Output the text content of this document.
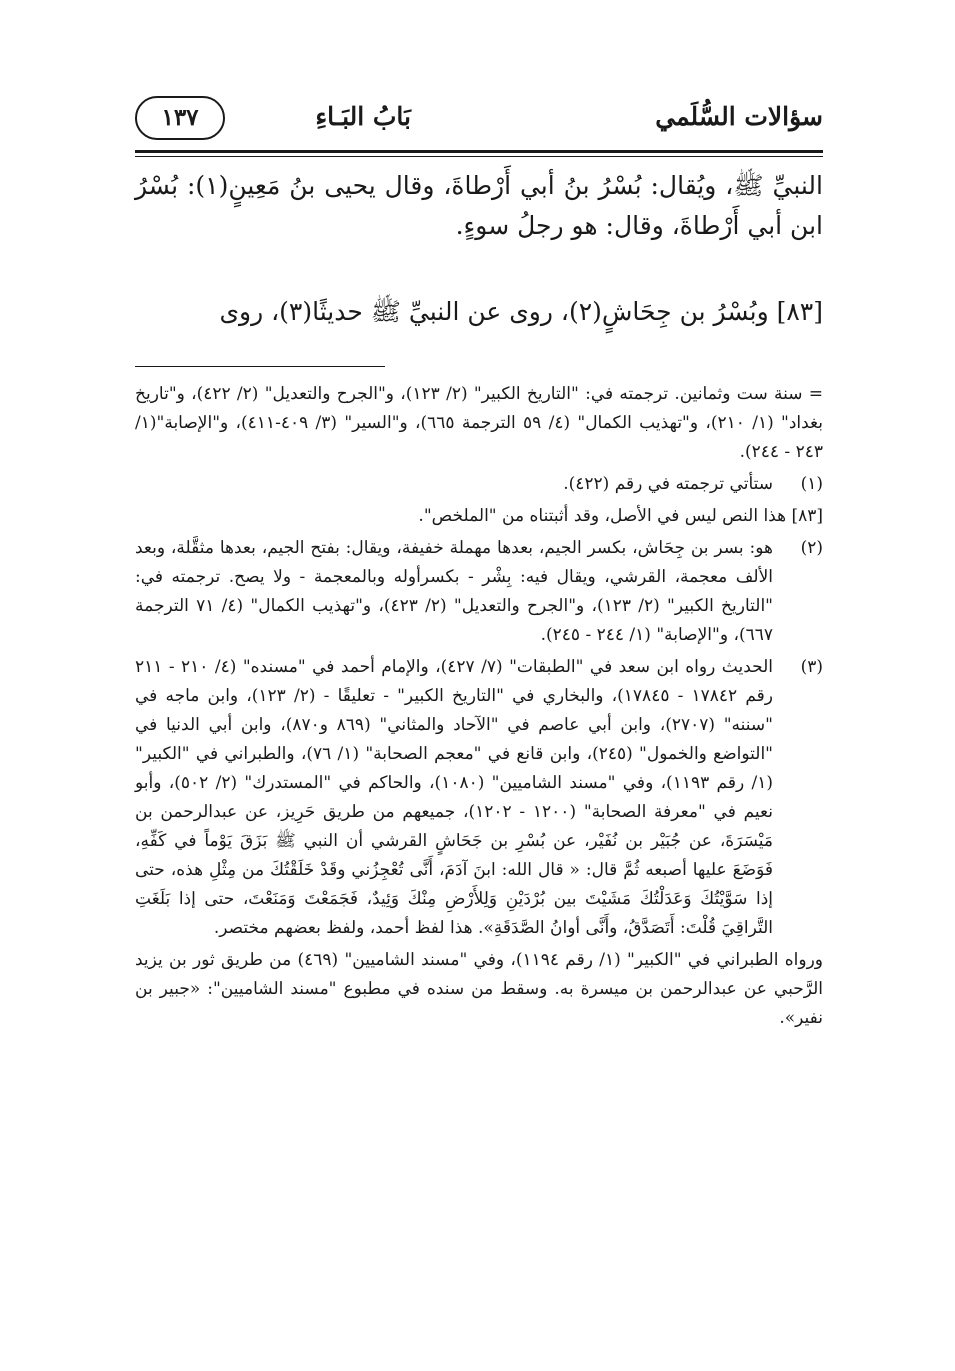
سؤالات السُّلَمي
بَابُ البَـاءِ
١٣٧

النبيِّ ﷺ، ويُقال: بُسْرُ بنُ أبي أَرْطاةَ، وقال يحيى بنُ مَعِينٍ(١): بُسْرُ ابن أبي أَرْطاةَ، وقال: هو رجلُ سوءٍ.

[٨٣] وبُسْرُ بن جِحَاشٍ(٢)، روى عن النبيِّ ﷺ حديثًا(٣)، روى

= سنة ست وثمانين. ترجمته في: "التاريخ الكبير" (٢/ ١٢٣)، و"الجرح والتعديل" (٢/ ٤٢٢)، و"تاريخ بغداد" (١/ ٢١٠)، و"تهذيب الكمال" (٤/ ٥٩ الترجمة ٦٦٥)، و"السير" (٣/ ٤٠٩-٤١١)، و"الإصابة"(١/ ٢٤٣ - ٢٤٤).

(١)
ستأتي ترجمته في رقم (٤٢٢).

[٨٣] هذا النص ليس في الأصل، وقد أثبتناه من "الملخص".

(٢)
هو: بسر بن جِحَاش، بكسر الجيم، بعدها مهملة خفيفة، ويقال: بفتح الجيم، بعدها مثقَّلة، وبعد الألف معجمة، القرشي، ويقال فيه: بِشْر - بكسرأوله وبالمعجمة - ولا يصح. ترجمته في: "التاريخ الكبير" (٢/ ١٢٣)، و"الجرح والتعديل" (٢/ ٤٢٣)، و"تهذيب الكمال" (٤/ ٧١ الترجمة ٦٦٧)، و"الإصابة" (١/ ٢٤٤ - ٢٤٥).
(٣)
الحديث رواه ابن سعد في "الطبقات" (٧/ ٤٢٧)، والإمام أحمد في "مسنده" (٤/ ٢١٠ - ٢١١ رقم ١٧٨٤٢ - ١٧٨٤٥)، والبخاري في "التاريخ الكبير" - تعليقًا - (٢/ ١٢٣)، وابن ماجه في "سننه" (٢٧٠٧)، وابن أبي عاصم في "الآحاد والمثاني" (٨٦٩ و٨٧٠)، وابن أبي الدنيا في "التواضع والخمول" (٢٤٥)، وابن قانع في "معجم الصحابة" (١/ ٧٦)، والطبراني في "الكبير" (١/ رقم ١١٩٣)، وفي "مسند الشاميين" (١٠٨٠)، والحاكم في "المستدرك" (٢/ ٥٠٢)، وأبو نعيم في "معرفة الصحابة" (١٢٠٠ - ١٢٠٢)، جميعهم من طريق حَرِيز، عن عبدالرحمن بن مَيْسَرَةَ، عن جُبَيْر بن نُفَيْر، عن بُسْرِ بن جَحَاشٍ القرشي أن النبي ﷺ بَزَقَ يَوْماً في كَفِّهِ، فَوَضَعَ عليها أصبعه ثُمَّ قال: « قال الله: ابنَ آدَمَ، أَنَّى تُعْجِزُني وقَدْ خَلَقْتُكَ من مِثْلِ هذه، حتى إذا سَوَّيْتُكَ وَعَدَلْتُكَ مَشَيْتَ بين بُرْدَيْنِ وَلِلأَرْضِ مِنْكَ وَئِيدٌ، فَجَمَعْتَ وَمَنَعْتَ، حتى إذا بَلَغَتِ التَّراقِيَ قُلْتَ: أَتَصَدَّقُ، وأَنَّى أوانُ الصَّدَقَةِ». هذا لفظ أحمد، ولفظ بعضهم مختصر.

ورواه الطبراني في "الكبير" (١/ رقم ١١٩٤)، وفي "مسند الشاميين" (٤٦٩) من طريق ثور بن يزيد الرَّحبي عن عبدالرحمن بن ميسرة به. وسقط من سنده في مطبوع "مسند الشاميين": «جبير بن نفير».
